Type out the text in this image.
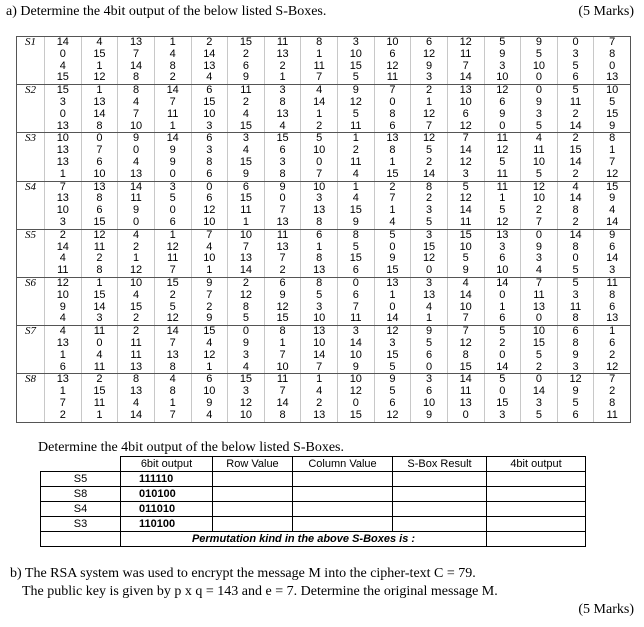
a) Determine the 4bit output of the below listed S-Boxes.	(5 Marks)
S1	14	4	13	1	2	15	11	8	3	10	6	12	5	9	0	7
	0	15	7	4	14	2	13	1	10	6	12	11	9	5	3	8
	4	1	14	8	13	6	2	11	15	12	9	7	3	10	5	0
	15	12	8	2	4	9	1	7	5	11	3	14	10	0	6	13
S2	15	1	8	14	6	11	3	4	9	7	2	13	12	0	5	10
	3	13	4	7	15	2	8	14	12	0	1	10	6	9	11	5
	0	14	7	11	10	4	13	1	5	8	12	6	9	3	2	15
	13	8	10	1	3	15	4	2	11	6	7	12	0	5	14	9
S3	10	0	9	14	6	3	15	5	1	13	12	7	11	4	2	8
	13	7	0	9	3	4	6	10	2	8	5	14	12	11	15	1
	13	6	4	9	8	15	3	0	11	1	2	12	5	10	14	7
	1	10	13	0	6	9	8	7	4	15	14	3	11	5	2	12
S4	7	13	14	3	0	6	9	10	1	2	8	5	11	12	4	15
	13	8	11	5	6	15	0	3	4	7	2	12	1	10	14	9
	10	6	9	0	12	11	7	13	15	1	3	14	5	2	8	4
	3	15	0	6	10	1	13	8	9	4	5	11	12	7	2	14
S5	2	12	4	1	7	10	11	6	8	5	3	15	13	0	14	9
	14	11	2	12	4	7	13	1	5	0	15	10	3	9	8	6
	4	2	1	11	10	13	7	8	15	9	12	5	6	3	0	14
	11	8	12	7	1	14	2	13	6	15	0	9	10	4	5	3
S6	12	1	10	15	9	2	6	8	0	13	3	4	14	7	5	11
	10	15	4	2	7	12	9	5	6	1	13	14	0	11	3	8
	9	14	15	5	2	8	12	3	7	0	4	10	1	13	11	6
	4	3	2	12	9	5	15	10	11	14	1	7	6	0	8	13
S7	4	11	2	14	15	0	8	13	3	12	9	7	5	10	6	1
	13	0	11	7	4	9	1	10	14	3	5	12	2	15	8	6
	1	4	11	13	12	3	7	14	10	15	6	8	0	5	9	2
	6	11	13	8	1	4	10	7	9	5	0	15	14	2	3	12
S8	13	2	8	4	6	15	11	1	10	9	3	14	5	0	12	7
	1	15	13	8	10	3	7	4	12	5	6	11	0	14	9	2
	7	11	4	1	9	12	14	2	0	6	10	13	15	3	5	8
	2	1	14	7	4	10	8	13	15	12	9	0	3	5	6	11
Determine the 4bit output of the below listed S-Boxes.
	6bit output	Row Value	Column Value	S-Box Result	4bit output
S5	111110				
S8	010100				
S4	011010				
S3	110100				
	Permutation kind in the above S-Boxes is :				
b) The RSA system was used to encrypt the message M into the cipher-text C = 79.
The public key is given by p x q = 143 and e = 7. Determine the original message M.
(5 Marks)
